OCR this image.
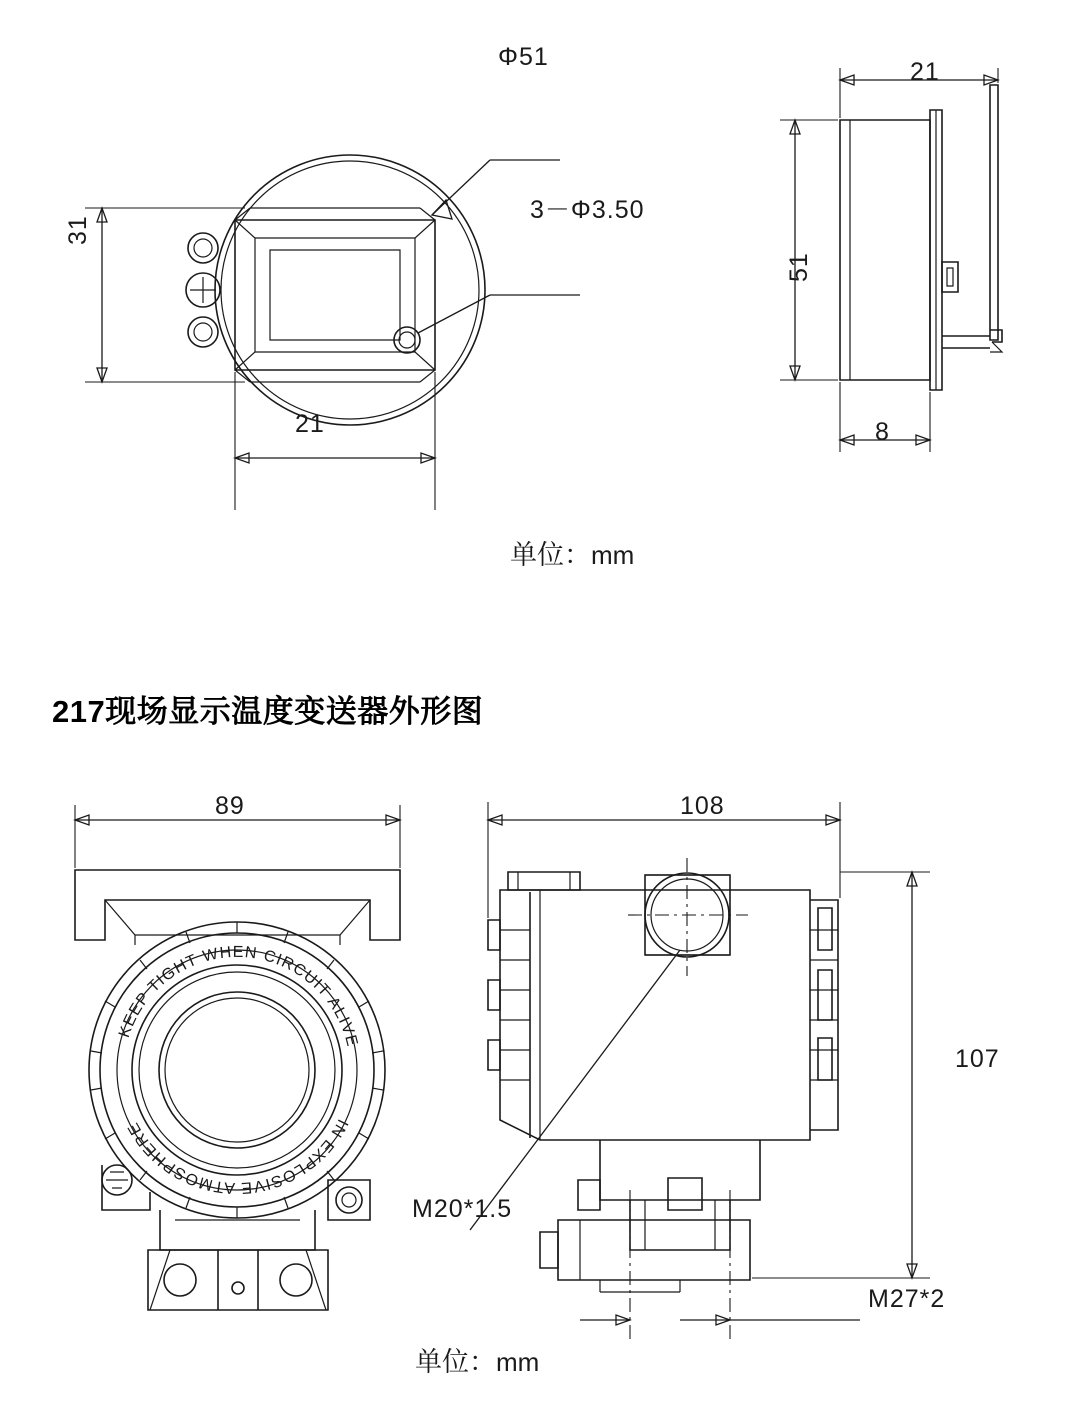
Φ51
3－Φ3.50
31
21
21
51
8
单位：mm
217现场显示温度变送器外形图
KEEP TIGHT WHEN CIRCUIT ALIVE
IN EXPLOSIVE ATMOSPHERE
89	108
107
M20*1.5
M27*2
单位：mm
